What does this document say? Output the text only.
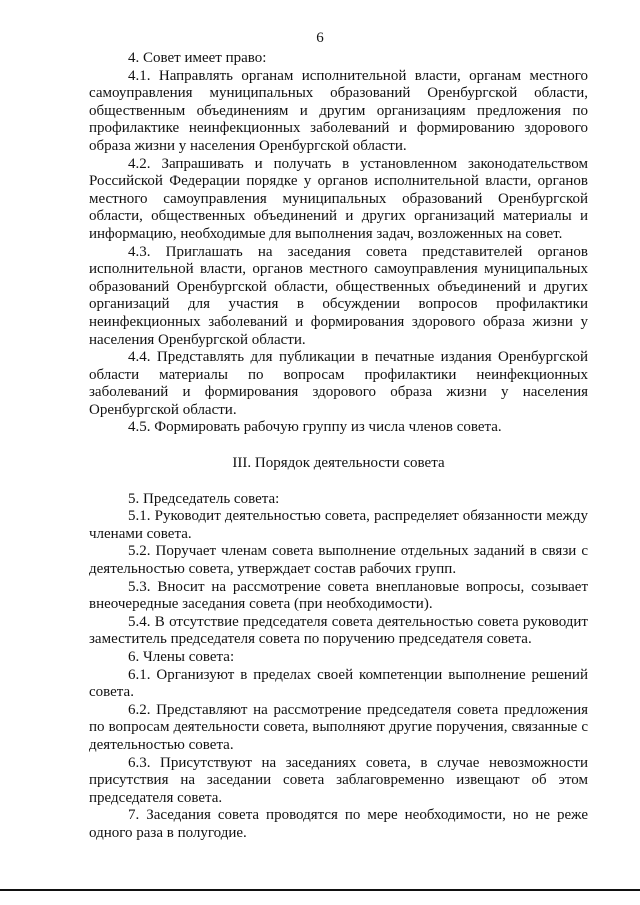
6

4. Совет имеет право:

4.1. Направлять органам исполнительной власти, органам местного самоуправления муниципальных образований Оренбургской области, общественным объединениям и другим организациям предложения по профилактике неинфекционных заболеваний и формированию здорового образа жизни у населения Оренбургской области.

4.2. Запрашивать и получать в установленном законодательством Российской Федерации порядке у органов исполнительной власти, органов местного самоуправления муниципальных образований Оренбургской области, общественных объединений и других организаций материалы и информацию, необходимые для выполнения задач, возложенных на совет.

4.3. Приглашать на заседания совета представителей органов исполнительной власти, органов местного самоуправления муниципальных образований Оренбургской области, общественных объединений и других организаций для участия в обсуждении вопросов профилактики неинфекционных заболеваний и формирования здорового образа жизни у населения Оренбургской области.

4.4. Представлять для публикации в печатные издания Оренбургской области материалы по вопросам профилактики неинфекционных заболеваний и формирования здорового образа жизни у населения Оренбургской области.

4.5. Формировать рабочую группу из числа членов совета.

III. Порядок деятельности совета

5. Председатель совета:

5.1. Руководит деятельностью совета, распределяет обязанности между членами совета.

5.2. Поручает членам совета выполнение отдельных заданий в связи с деятельностью совета, утверждает состав рабочих групп.

5.3. Вносит на рассмотрение совета внеплановые вопросы, созывает внеочередные заседания совета (при необходимости).

5.4. В отсутствие председателя совета деятельностью совета руководит заместитель председателя совета по поручению председателя совета.

6. Члены совета:

6.1. Организуют в пределах своей компетенции выполнение решений совета.

6.2. Представляют на рассмотрение председателя совета предложения по вопросам деятельности совета, выполняют другие поручения, связанные с деятельностью совета.

6.3. Присутствуют на заседаниях совета, в случае невозможности присутствия на заседании совета заблаговременно извещают об этом председателя совета.

7. Заседания совета проводятся по мере необходимости, но не реже одного раза в полугодие.
